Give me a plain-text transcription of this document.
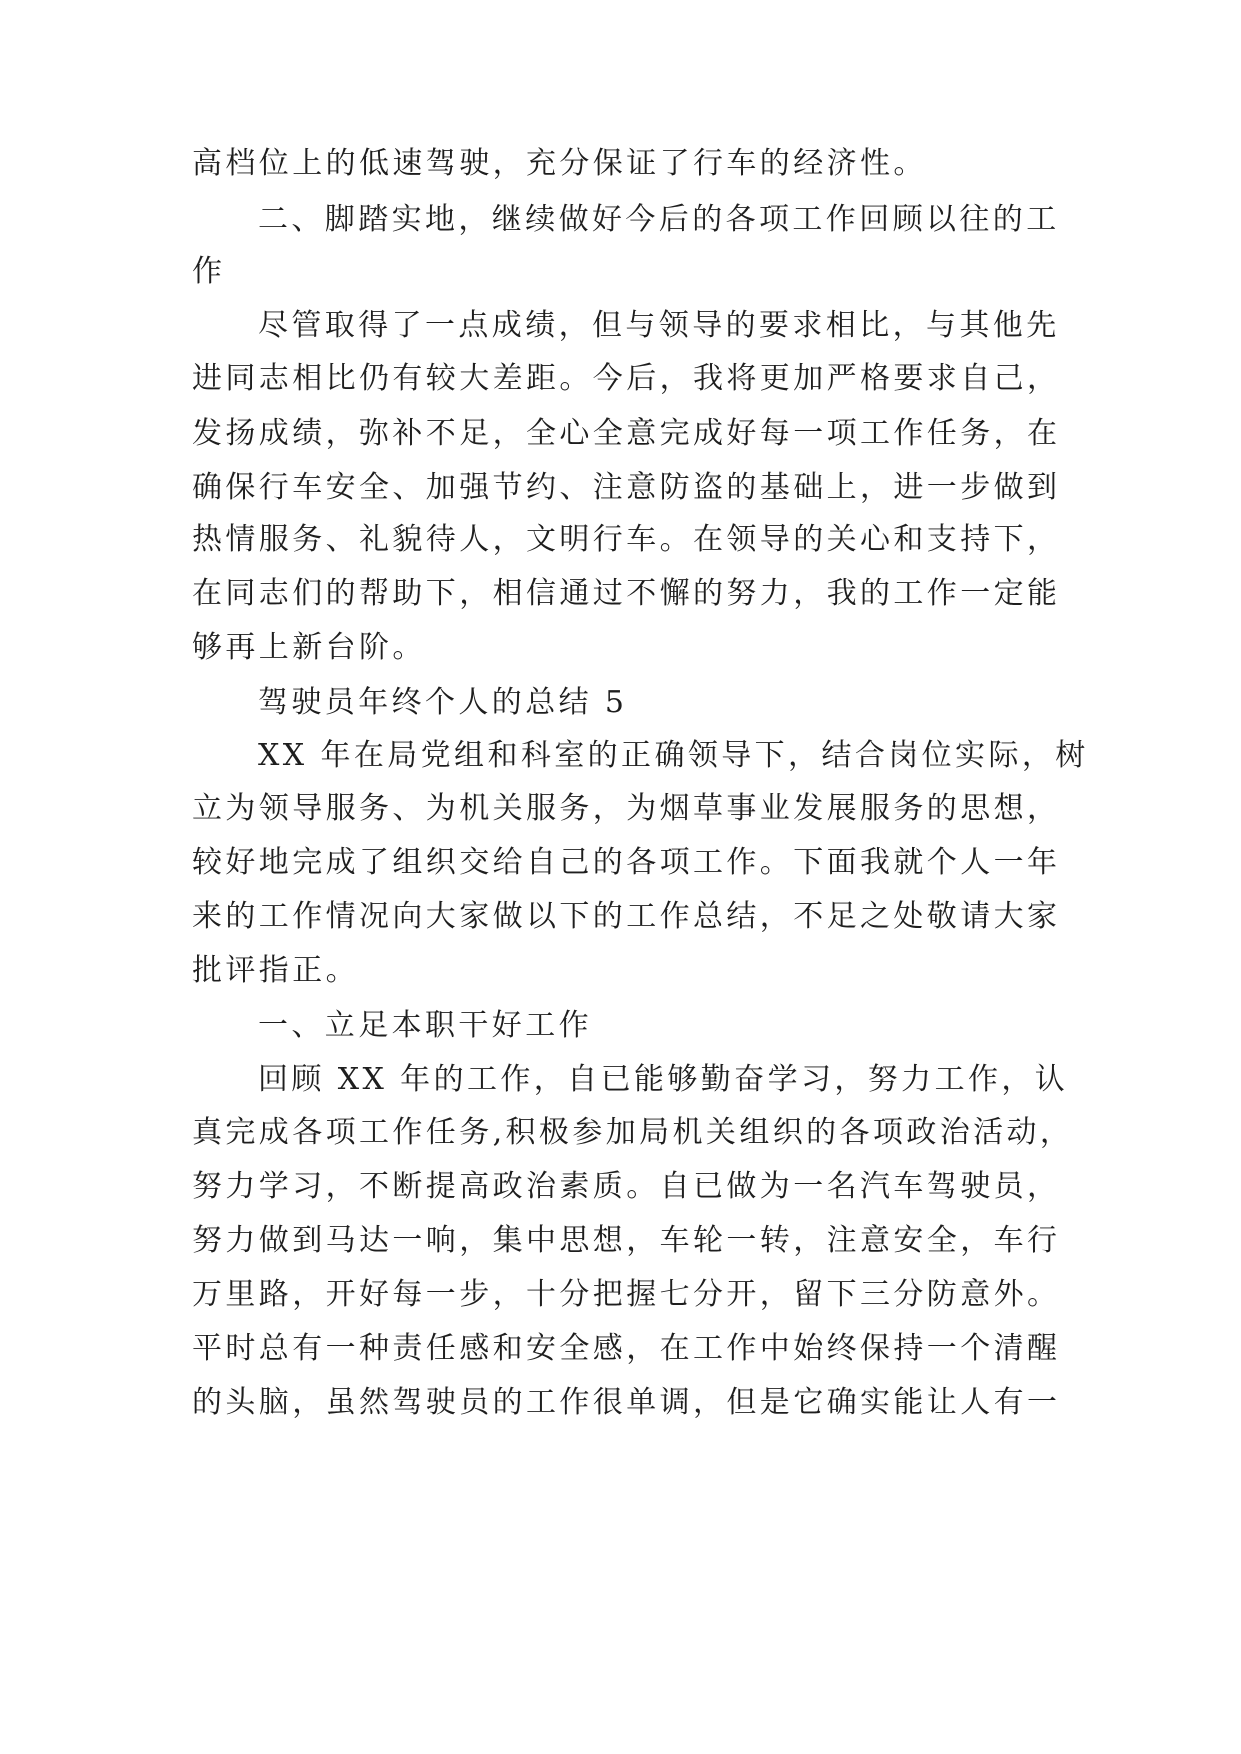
高档位上的低速驾驶，充分保证了行车的经济性。
二、脚踏实地，继续做好今后的各项工作回顾以往的工
作
尽管取得了一点成绩，但与领导的要求相比，与其他先
进同志相比仍有较大差距。今后，我将更加严格要求自己，
发扬成绩，弥补不足，全心全意完成好每一项工作任务，在
确保行车安全、加强节约、注意防盗的基础上，进一步做到
热情服务、礼貌待人，文明行车。在领导的关心和支持下，
在同志们的帮助下，相信通过不懈的努力，我的工作一定能
够再上新台阶。
驾驶员年终个人的总结 5
XX 年在局党组和科室的正确领导下，结合岗位实际，树
立为领导服务、为机关服务，为烟草事业发展服务的思想，
较好地完成了组织交给自己的各项工作。下面我就个人一年
来的工作情况向大家做以下的工作总结，不足之处敬请大家
批评指正。
一、立足本职干好工作
回顾 XX 年的工作，自已能够勤奋学习，努力工作，认
真完成各项工作任务,积极参加局机关组织的各项政治活动，
努力学习，不断提高政治素质。自已做为一名汽车驾驶员，
努力做到马达一响，集中思想，车轮一转，注意安全，车行
万里路，开好每一步，十分把握七分开，留下三分防意外。
平时总有一种责任感和安全感，在工作中始终保持一个清醒
的头脑，虽然驾驶员的工作很单调，但是它确实能让人有一
